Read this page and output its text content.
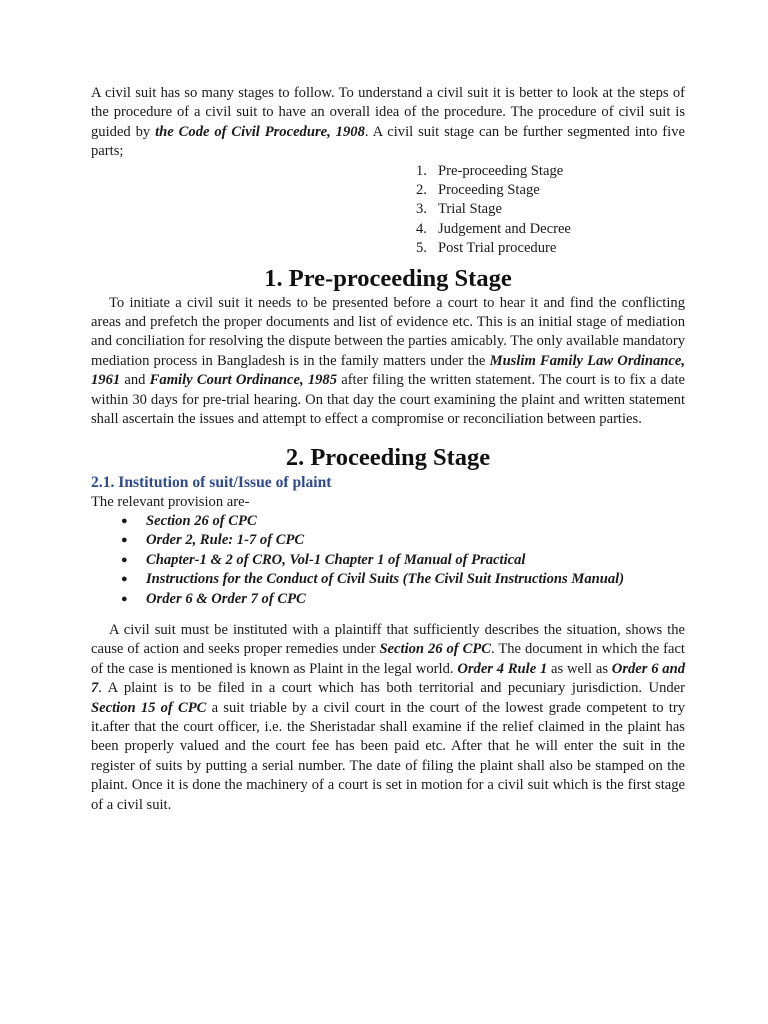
A civil suit has so many stages to follow. To understand a civil suit it is better to look at the steps of the procedure of a civil suit to have an overall idea of the procedure. The procedure of civil suit is guided by the Code of Civil Procedure, 1908. A civil suit stage can be further segmented into five parts;

1. Pre-proceeding Stage
2. Proceeding Stage
3. Trial Stage
4. Judgement and Decree
5. Post Trial procedure
1. Pre-proceeding Stage

To initiate a civil suit it needs to be presented before a court to hear it and find the conflicting areas and prefetch the proper documents and list of evidence etc. This is an initial stage of mediation and conciliation for resolving the dispute between the parties amicably. The only available mandatory mediation process in Bangladesh is in the family matters under the Muslim Family Law Ordinance, 1961 and Family Court Ordinance, 1985 after filing the written statement. The court is to fix a date within 30 days for pre-trial hearing. On that day the court examining the plaint and written statement shall ascertain the issues and attempt to effect a compromise or reconciliation between parties.

2. Proceeding Stage
2.1. Institution of suit/Issue of plaint

The relevant provision are-

●	Section 26 of CPC
●	Order 2, Rule: 1-7 of CPC
●	Chapter-1 & 2 of CRO, Vol-1 Chapter 1 of Manual of Practical
●	Instructions for the Conduct of Civil Suits (The Civil Suit Instructions Manual)
●	Order 6 & Order 7 of CPC

A civil suit must be instituted with a plaintiff that sufficiently describes the situation, shows the cause of action and seeks proper remedies under Section 26 of CPC. The document in which the fact of the case is mentioned is known as Plaint in the legal world. Order 4 Rule 1 as well as Order 6 and 7. A plaint is to be filed in a court which has both territorial and pecuniary jurisdiction. Under Section 15 of CPC a suit triable by a civil court in the court of the lowest grade competent to try it.after that the court officer, i.e. the Sheristadar shall examine if the relief claimed in the plaint has been properly valued and the court fee has been paid etc. After that he will enter the suit in the register of suits by putting a serial number. The date of filing the plaint shall also be stamped on the plaint. Once it is done the machinery of a court is set in motion for a civil suit which is the first stage of a civil suit.
